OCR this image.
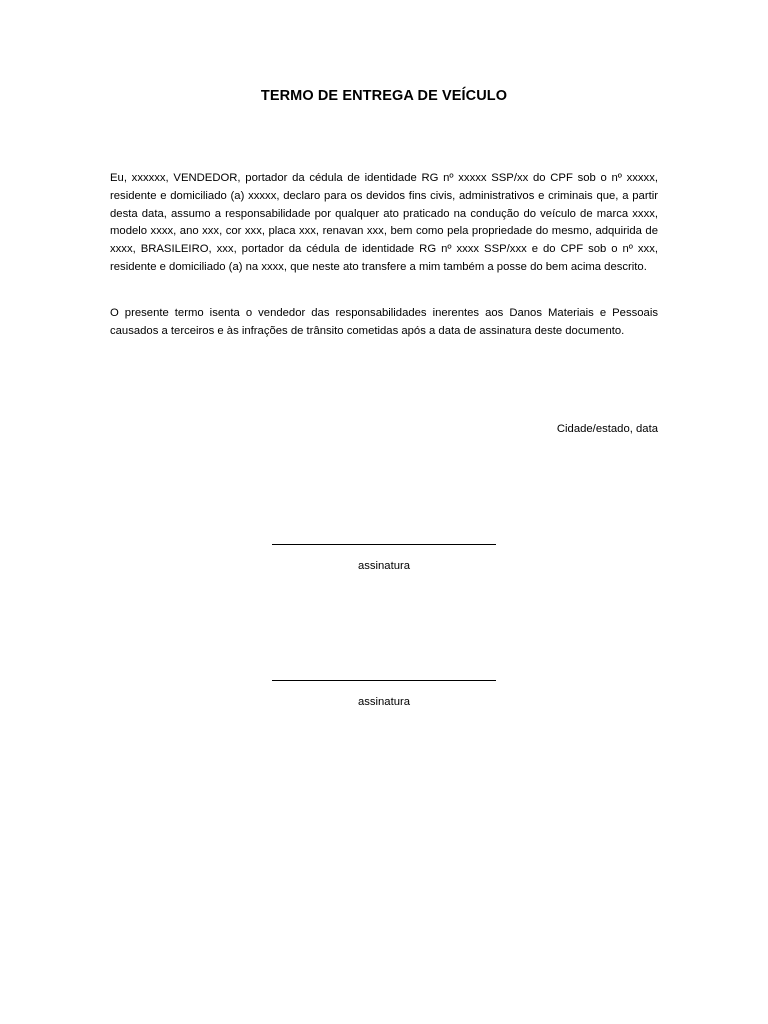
TERMO DE ENTREGA DE VEÍCULO

Eu, xxxxxx, VENDEDOR, portador da cédula de identidade RG nº xxxxx SSP/xx do CPF sob o nº xxxxx, residente e domiciliado (a) xxxxx, declaro para os devidos fins civis, administrativos e criminais que, a partir desta data, assumo a responsabilidade por qualquer ato praticado na condução do veículo de marca xxxx, modelo xxxx, ano xxx, cor xxx, placa xxx, renavan xxx, bem como pela propriedade do mesmo, adquirida de xxxx, BRASILEIRO, xxx, portador da cédula de identidade RG nº xxxx SSP/xxx e do CPF sob o nº xxx, residente e domiciliado (a) na xxxx, que neste ato transfere a mim também a posse do bem acima descrito.

O presente termo isenta o vendedor das responsabilidades inerentes aos Danos Materiais e Pessoais causados a terceiros e às infrações de trânsito cometidas após a data de assinatura deste documento.

Cidade/estado, data
assinatura
assinatura
